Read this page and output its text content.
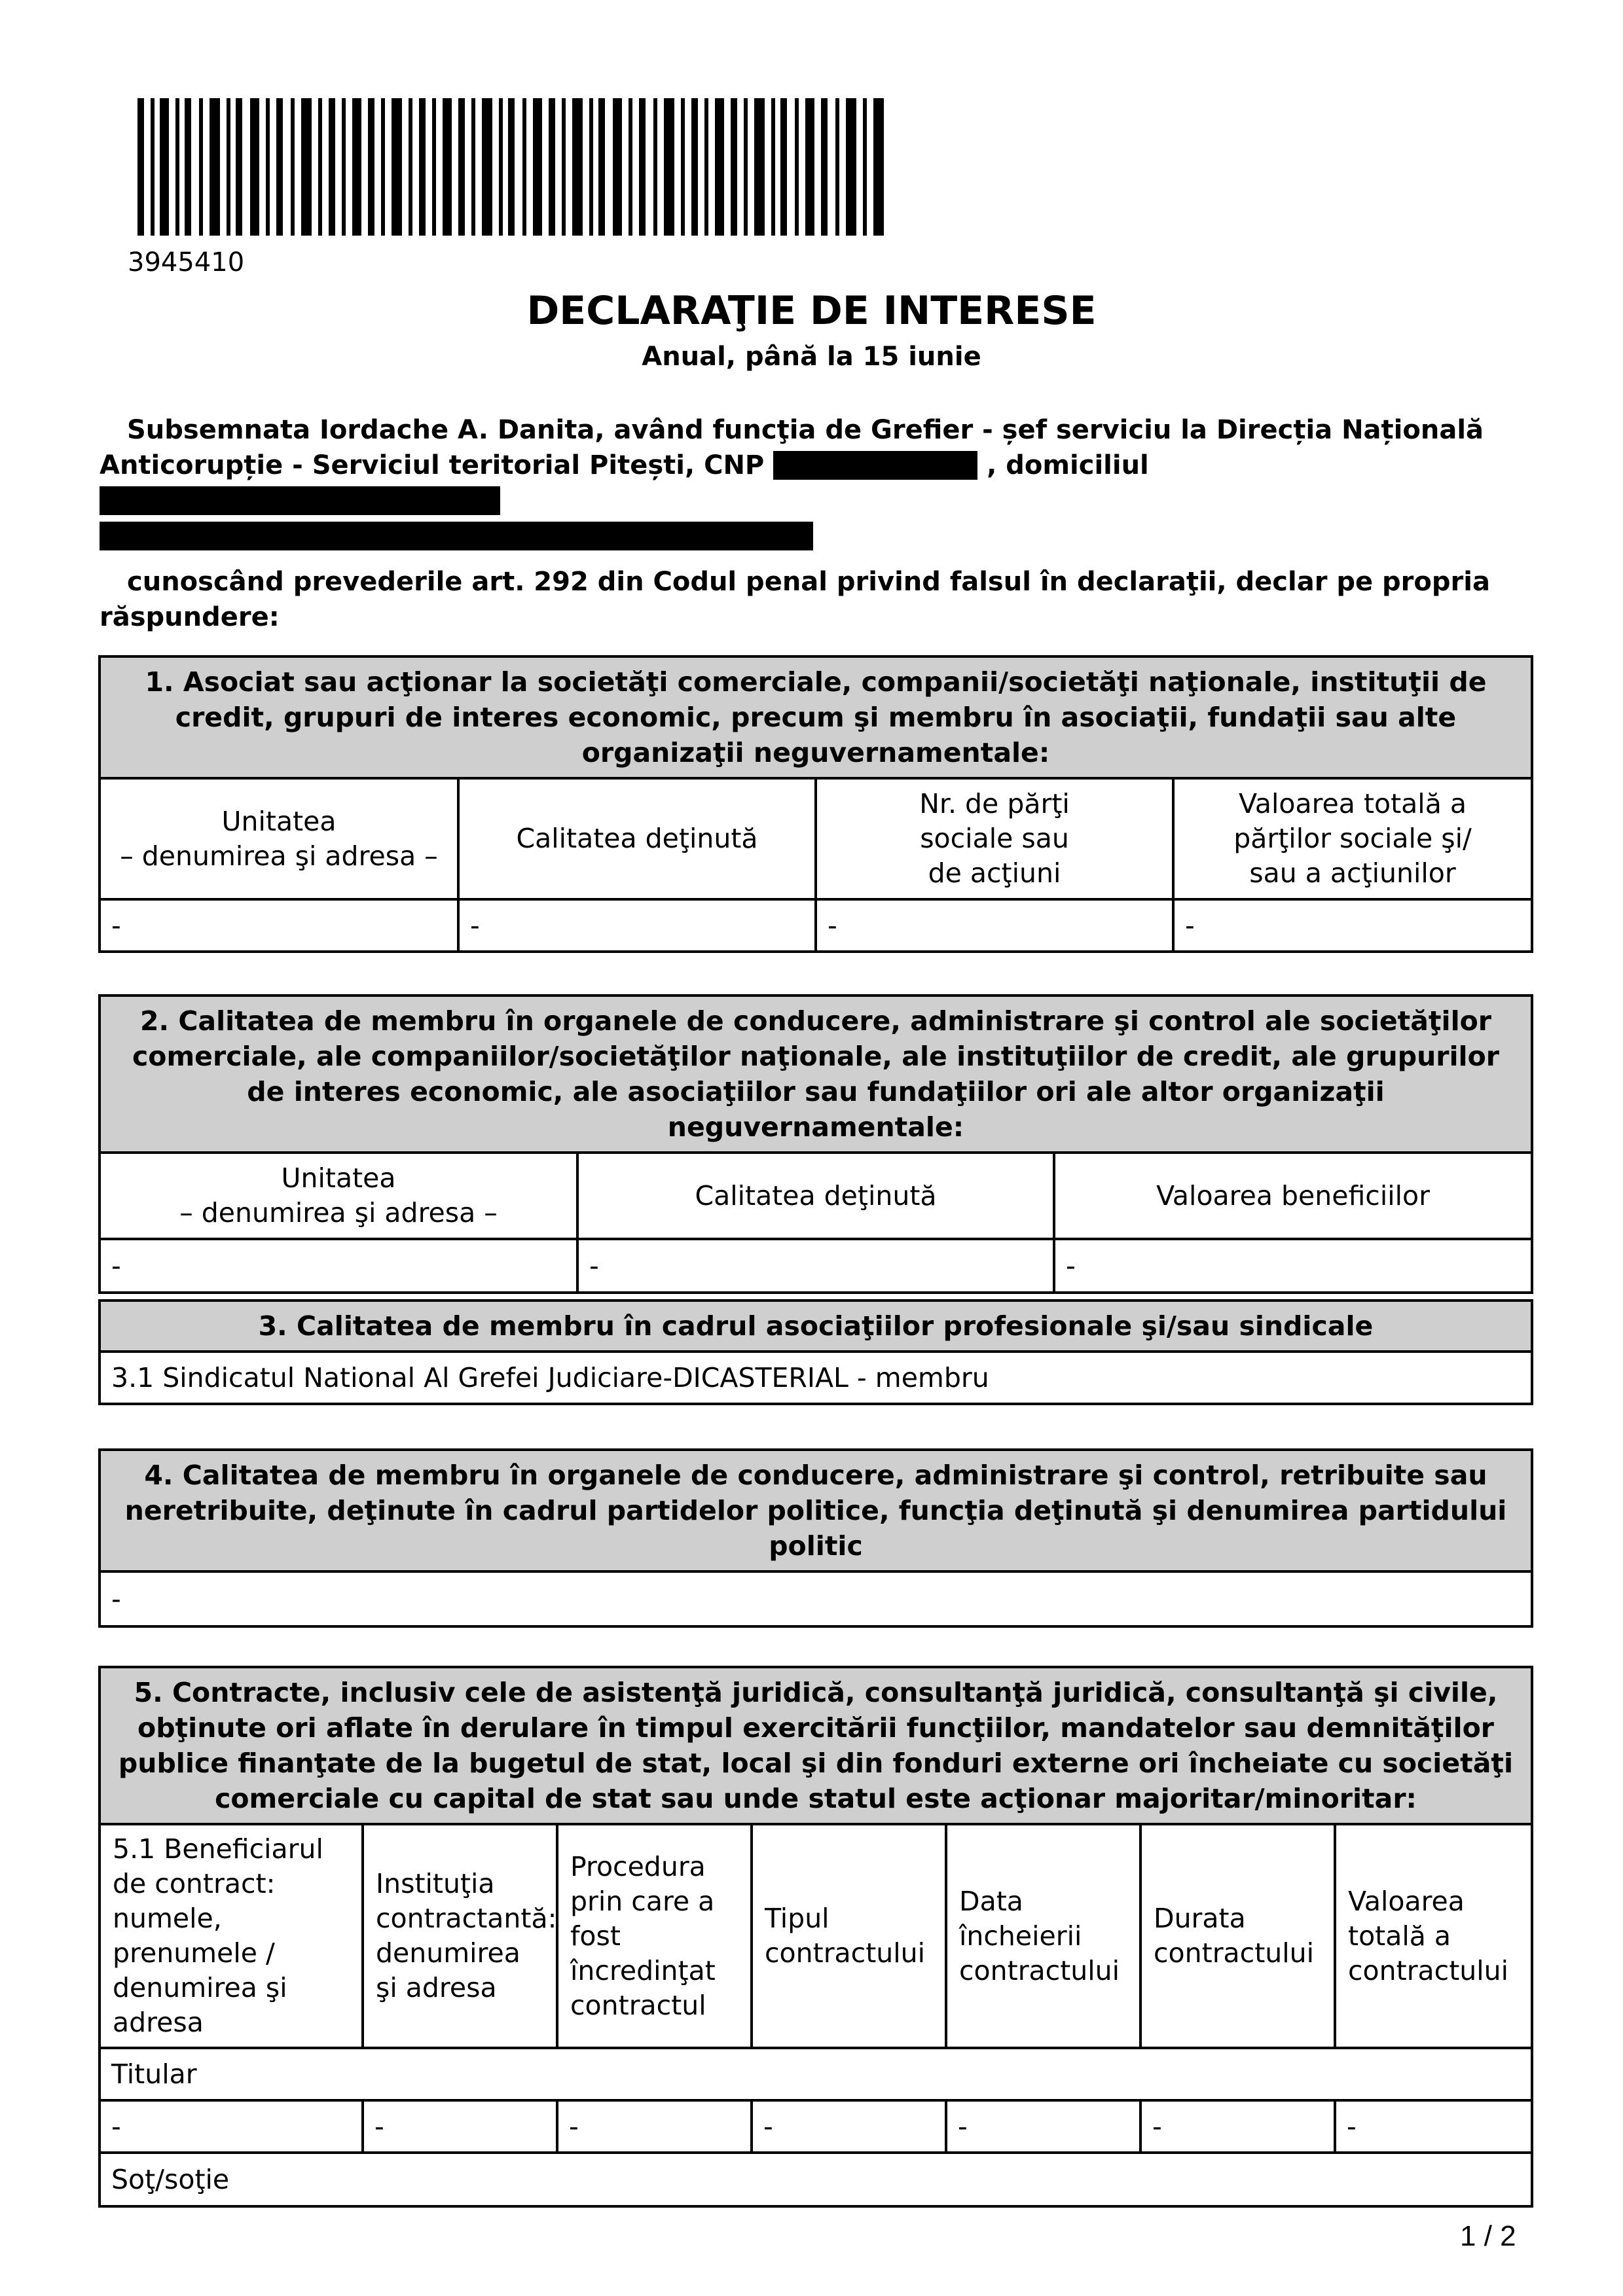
3945410
DECLARAŢIE DE INTERESE
Anual, până la 15 iunie

Subsemnata Iordache A. Danita, având funcţia de Grefier - șef serviciu la Direcția Națională Anticorupție - Serviciul teritorial Pitești, CNP	, domiciliul

cunoscând prevederile art. 292 din Codul penal privind falsul în declaraţii, declar pe propria răspundere:

1. Asociat sau acţionar la societăţi comerciale, companii/societăţi naţionale, instituţii de credit, grupuri de interes economic, precum şi membru în asociaţii, fundaţii sau alte organizaţii neguvernamentale:
Unitatea
– denumirea şi adresa –	Calitatea deţinută	Nr. de părţi
sociale sau
de acţiuni	Valoarea totală a
părţilor sociale şi/
sau a acţiunilor
-	-	-	-
2. Calitatea de membru în organele de conducere, administrare şi control ale societăţilor comerciale, ale companiilor/societăţilor naţionale, ale instituţiilor de credit, ale grupurilor de interes economic, ale asociaţiilor sau fundaţiilor ori ale altor organizaţii neguvernamentale:
Unitatea
– denumirea şi adresa –	Calitatea deţinută	Valoarea beneficiilor
-	-	-
3. Calitatea de membru în cadrul asociaţiilor profesionale şi/sau sindicale
3.1 Sindicatul National Al Grefei Judiciare-DICASTERIAL - membru
4. Calitatea de membru în organele de conducere, administrare şi control, retribuite sau neretribuite, deţinute în cadrul partidelor politice, funcţia deţinută şi denumirea partidului politic
-
5. Contracte, inclusiv cele de asistenţă juridică, consultanţă juridică, consultanţă şi civile, obţinute ori aflate în derulare în timpul exercitării funcţiilor, mandatelor sau demnităţilor publice finanţate de la bugetul de stat, local şi din fonduri externe ori încheiate cu societăţi comerciale cu capital de stat sau unde statul este acţionar majoritar/minoritar:
5.1 Beneficiarul de contract: numele, prenumele / denumirea şi adresa	Instituţia contractantă: denumirea şi adresa	Procedura prin care a fost încredinţat contractul	Tipul contractului	Data încheierii contractului	Durata contractului	Valoarea totală a contractului
Titular						
-	-	-	-	-	-	-
Soţ/soţie						
1 / 2
